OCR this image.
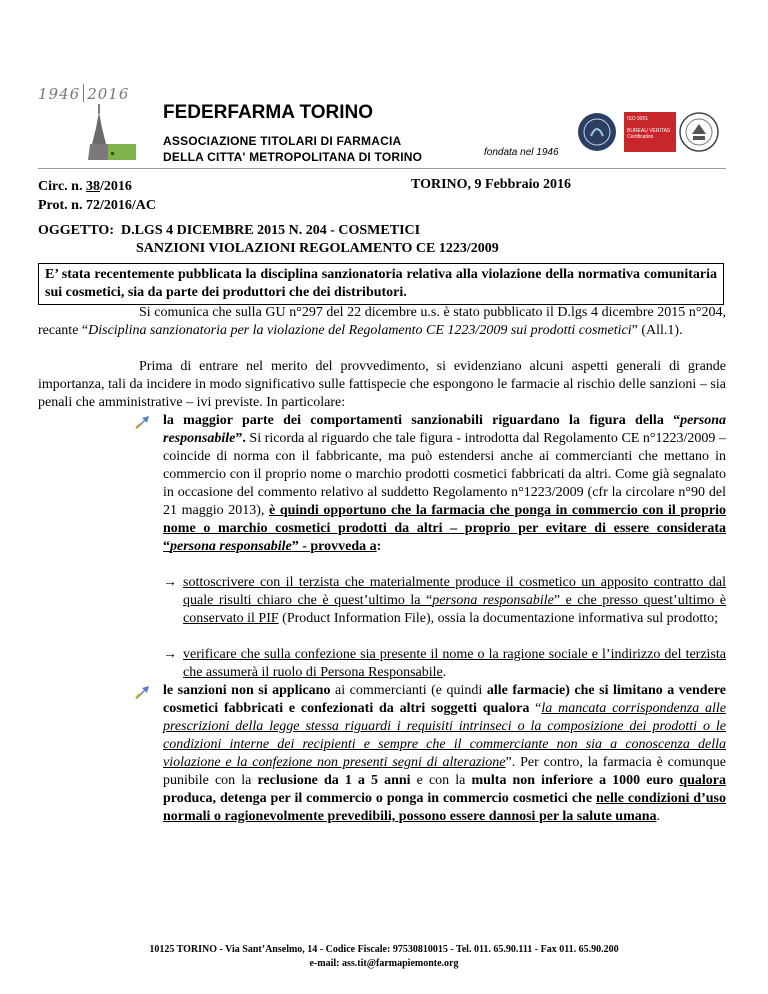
1946 2016
FEDERFARMA TORINO
ASSOCIAZIONE TITOLARI DI FARMACIA
DELLA CITTA' METROPOLITANA DI TORINO	fondata nel 1946
ISO 9001
BUREAU VERITAS
Certification
Circ. n. 38/2016
Prot. n. 72/2016/AC
TORINO, 9 Febbraio 2016
OGGETTO: D.LGS 4 DICEMBRE 2015 N. 204 - COSMETICI
SANZIONI VIOLAZIONI REGOLAMENTO CE 1223/2009
E’ stata recentemente pubblicata la disciplina sanzionatoria relativa alla violazione della normativa comunitaria sui cosmetici, sia da parte dei produttori che dei distributori.
Si comunica che sulla GU n°297 del 22 dicembre u.s. è stato pubblicato il D.lgs 4 dicembre 2015 n°204, recante “Disciplina sanzionatoria per la violazione del Regolamento CE 1223/2009 sui prodotti cosmetici” (All.1).
Prima di entrare nel merito del provvedimento, si evidenziano alcuni aspetti generali di grande importanza, tali da incidere in modo significativo sulle fattispecie che espongono le farmacie al rischio delle sanzioni – sia penali che amministrative – ivi previste. In particolare:
la maggior parte dei comportamenti sanzionabili riguardano la figura della “persona responsabile”. Si ricorda al riguardo che tale figura - introdotta dal Regolamento CE n°1223/2009 – coincide di norma con il fabbricante, ma può estendersi anche ai commercianti che mettano in commercio con il proprio nome o marchio prodotti cosmetici fabbricati da altri. Come già segnalato in occasione del commento relativo al suddetto Regolamento n°1223/2009 (cfr la circolare n°90 del 21 maggio 2013), è quindi opportuno che la farmacia che ponga in commercio con il proprio nome o marchio cosmetici prodotti da altri – proprio per evitare di essere considerata “persona responsabile” - provveda a:
→ sottoscrivere con il terzista che materialmente produce il cosmetico un apposito contratto dal quale risulti chiaro che è quest’ultimo la “persona responsabile” e che presso quest’ultimo è conservato il PIF (Product Information File), ossia la documentazione informativa sul prodotto;
→ verificare che sulla confezione sia presente il nome o la ragione sociale e l’indirizzo del terzista che assumerà il ruolo di Persona Responsabile.
le sanzioni non si applicano ai commercianti (e quindi alle farmacie) che si limitano a vendere cosmetici fabbricati e confezionati da altri soggetti qualora “la mancata corrispondenza alle prescrizioni della legge stessa riguardi i requisiti intrinseci o la composizione dei prodotti o le condizioni interne dei recipienti e sempre che il commerciante non sia a conoscenza della violazione e la confezione non presenti segni di alterazione”. Per contro, la farmacia è comunque punibile con la reclusione da 1 a 5 anni e con la multa non inferiore a 1000 euro qualora produca, detenga per il commercio o ponga in commercio cosmetici che nelle condizioni d’uso normali o ragionevolmente prevedibili, possono essere dannosi per la salute umana.
10125 TORINO - Via Sant’Anselmo, 14 - Codice Fiscale: 97530810015 - Tel. 011. 65.90.111 - Fax 011. 65.90.200
e-mail: ass.tit@farmapiemonte.org
